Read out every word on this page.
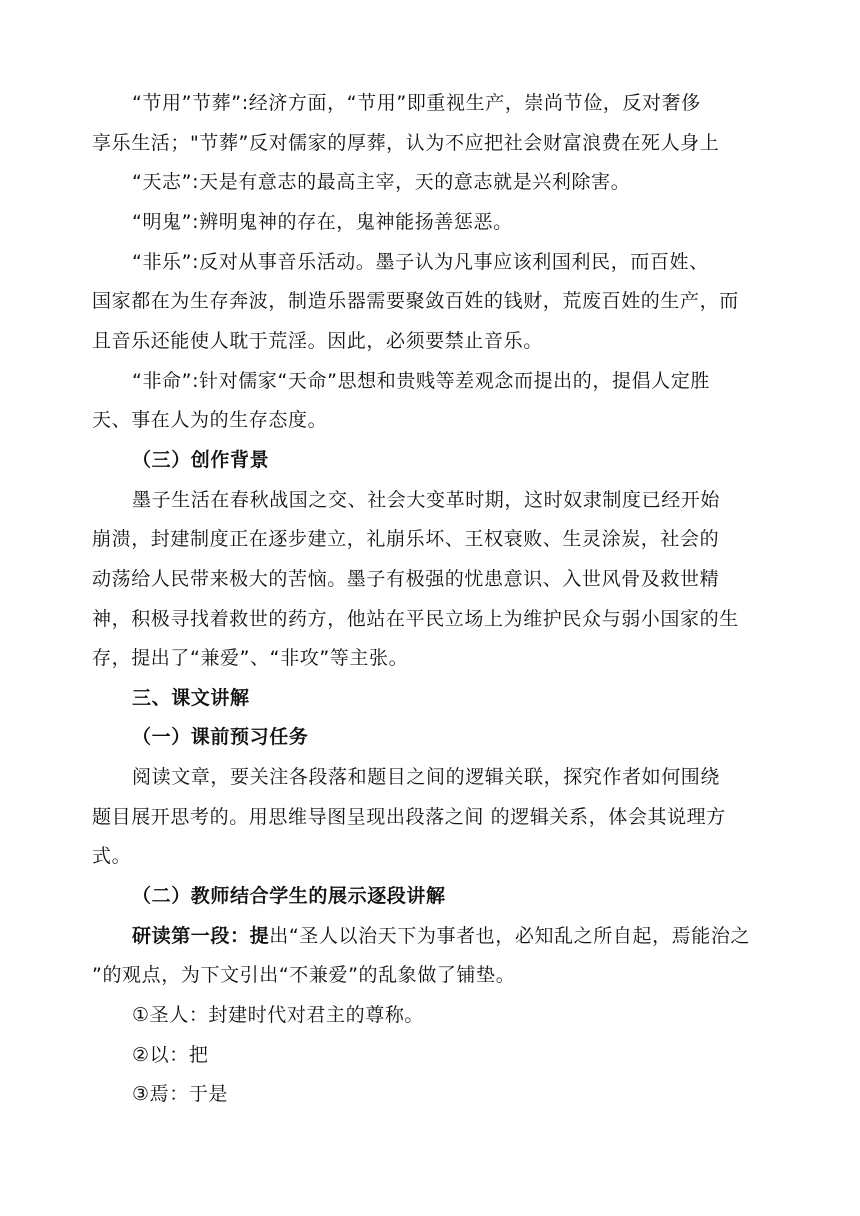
“节用”节葬”:经济方面，“节用”即重视生产，崇尚节俭，反对奢侈
享乐生活；"节葬”反对儒家的厚葬，认为不应把社会财富浪费在死人身上
“天志”:天是有意志的最高主宰，天的意志就是兴利除害。
“明鬼”:辨明鬼神的存在，鬼神能扬善惩恶。
“非乐”:反对从事音乐活动。墨子认为凡事应该利国利民，而百姓、
国家都在为生存奔波，制造乐器需要聚敛百姓的钱财，荒废百姓的生产，而
且音乐还能使人耽于荒淫。因此，必须要禁止音乐。
“非命”:针对儒家“天命”思想和贵贱等差观念而提出的，提倡人定胜
天、事在人为的生存态度。
（三）创作背景
墨子生活在春秋战国之交、社会大变革时期，这时奴隶制度已经开始
崩溃，封建制度正在逐步建立，礼崩乐坏、王权衰败、生灵涂炭，社会的
动荡给人民带来极大的苦恼。墨子有极强的忧患意识、入世风骨及救世精
神，积极寻找着救世的药方，他站在平民立场上为维护民众与弱小国家的生
存，提出了“兼爱”、“非攻”等主张。
三、课文讲解
（一）课前预习任务
阅读文章，要关注各段落和题目之间的逻辑关联，探究作者如何围绕
题目展开思考的。用思维导图呈现出段落之间 的逻辑关系，体会其说理方
式。
（二）教师结合学生的展示逐段讲解
研读第一段：提出“圣人以治天下为事者也，必知乱之所自起，焉能治之
”的观点，为下文引出“不兼爱”的乱象做了铺垫。
①圣人：封建时代对君主的尊称。
②以：把
③焉：于是
